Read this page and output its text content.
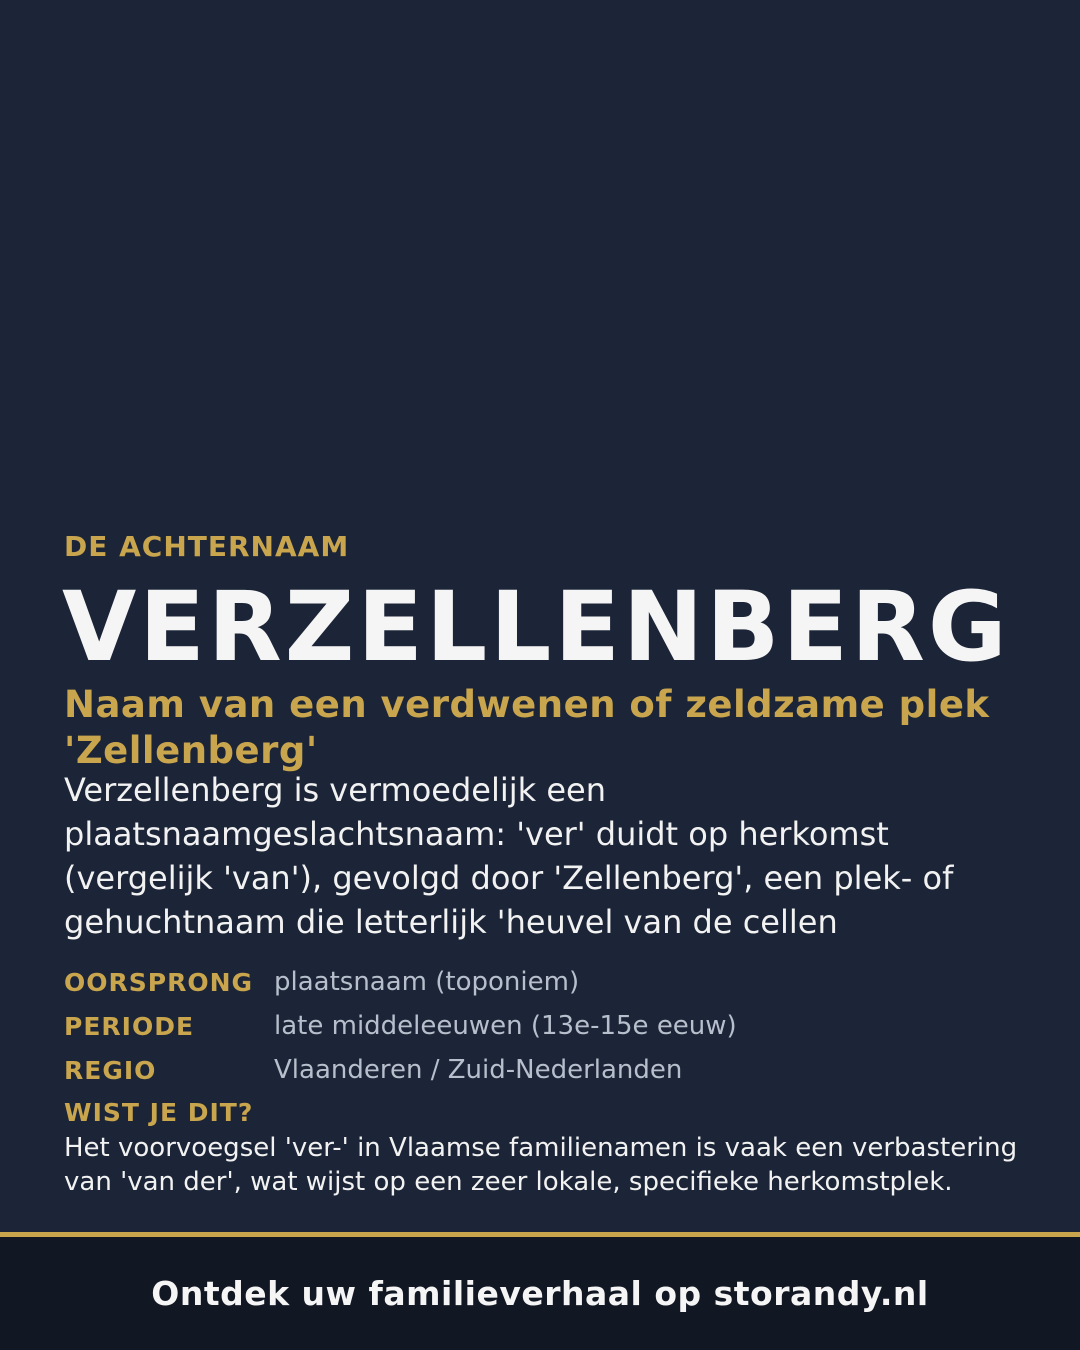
DE ACHTERNAAM
VERZELLENBERG
Naam van een verdwenen of zeldzame plek 'Zellenberg'
Verzellenberg is vermoedelijk een plaatsnaamgeslachtsnaam: 'ver' duidt op herkomst (vergelijk 'van'), gevolgd door 'Zellenberg', een plek- of gehuchtnaam die letterlijk 'heuvel van de cellen
OORSPRONG plaatsnaam (toponiem)
PERIODE	late middeleeuwen (13e-15e eeuw)
REGIO	Vlaanderen / Zuid-Nederlanden
WIST JE DIT?
Het voorvoegsel 'ver-' in Vlaamse familienamen is vaak een verbastering van 'van der', wat wijst op een zeer lokale, specifieke herkomstplek.
Ontdek uw familieverhaal op storandy.nl
